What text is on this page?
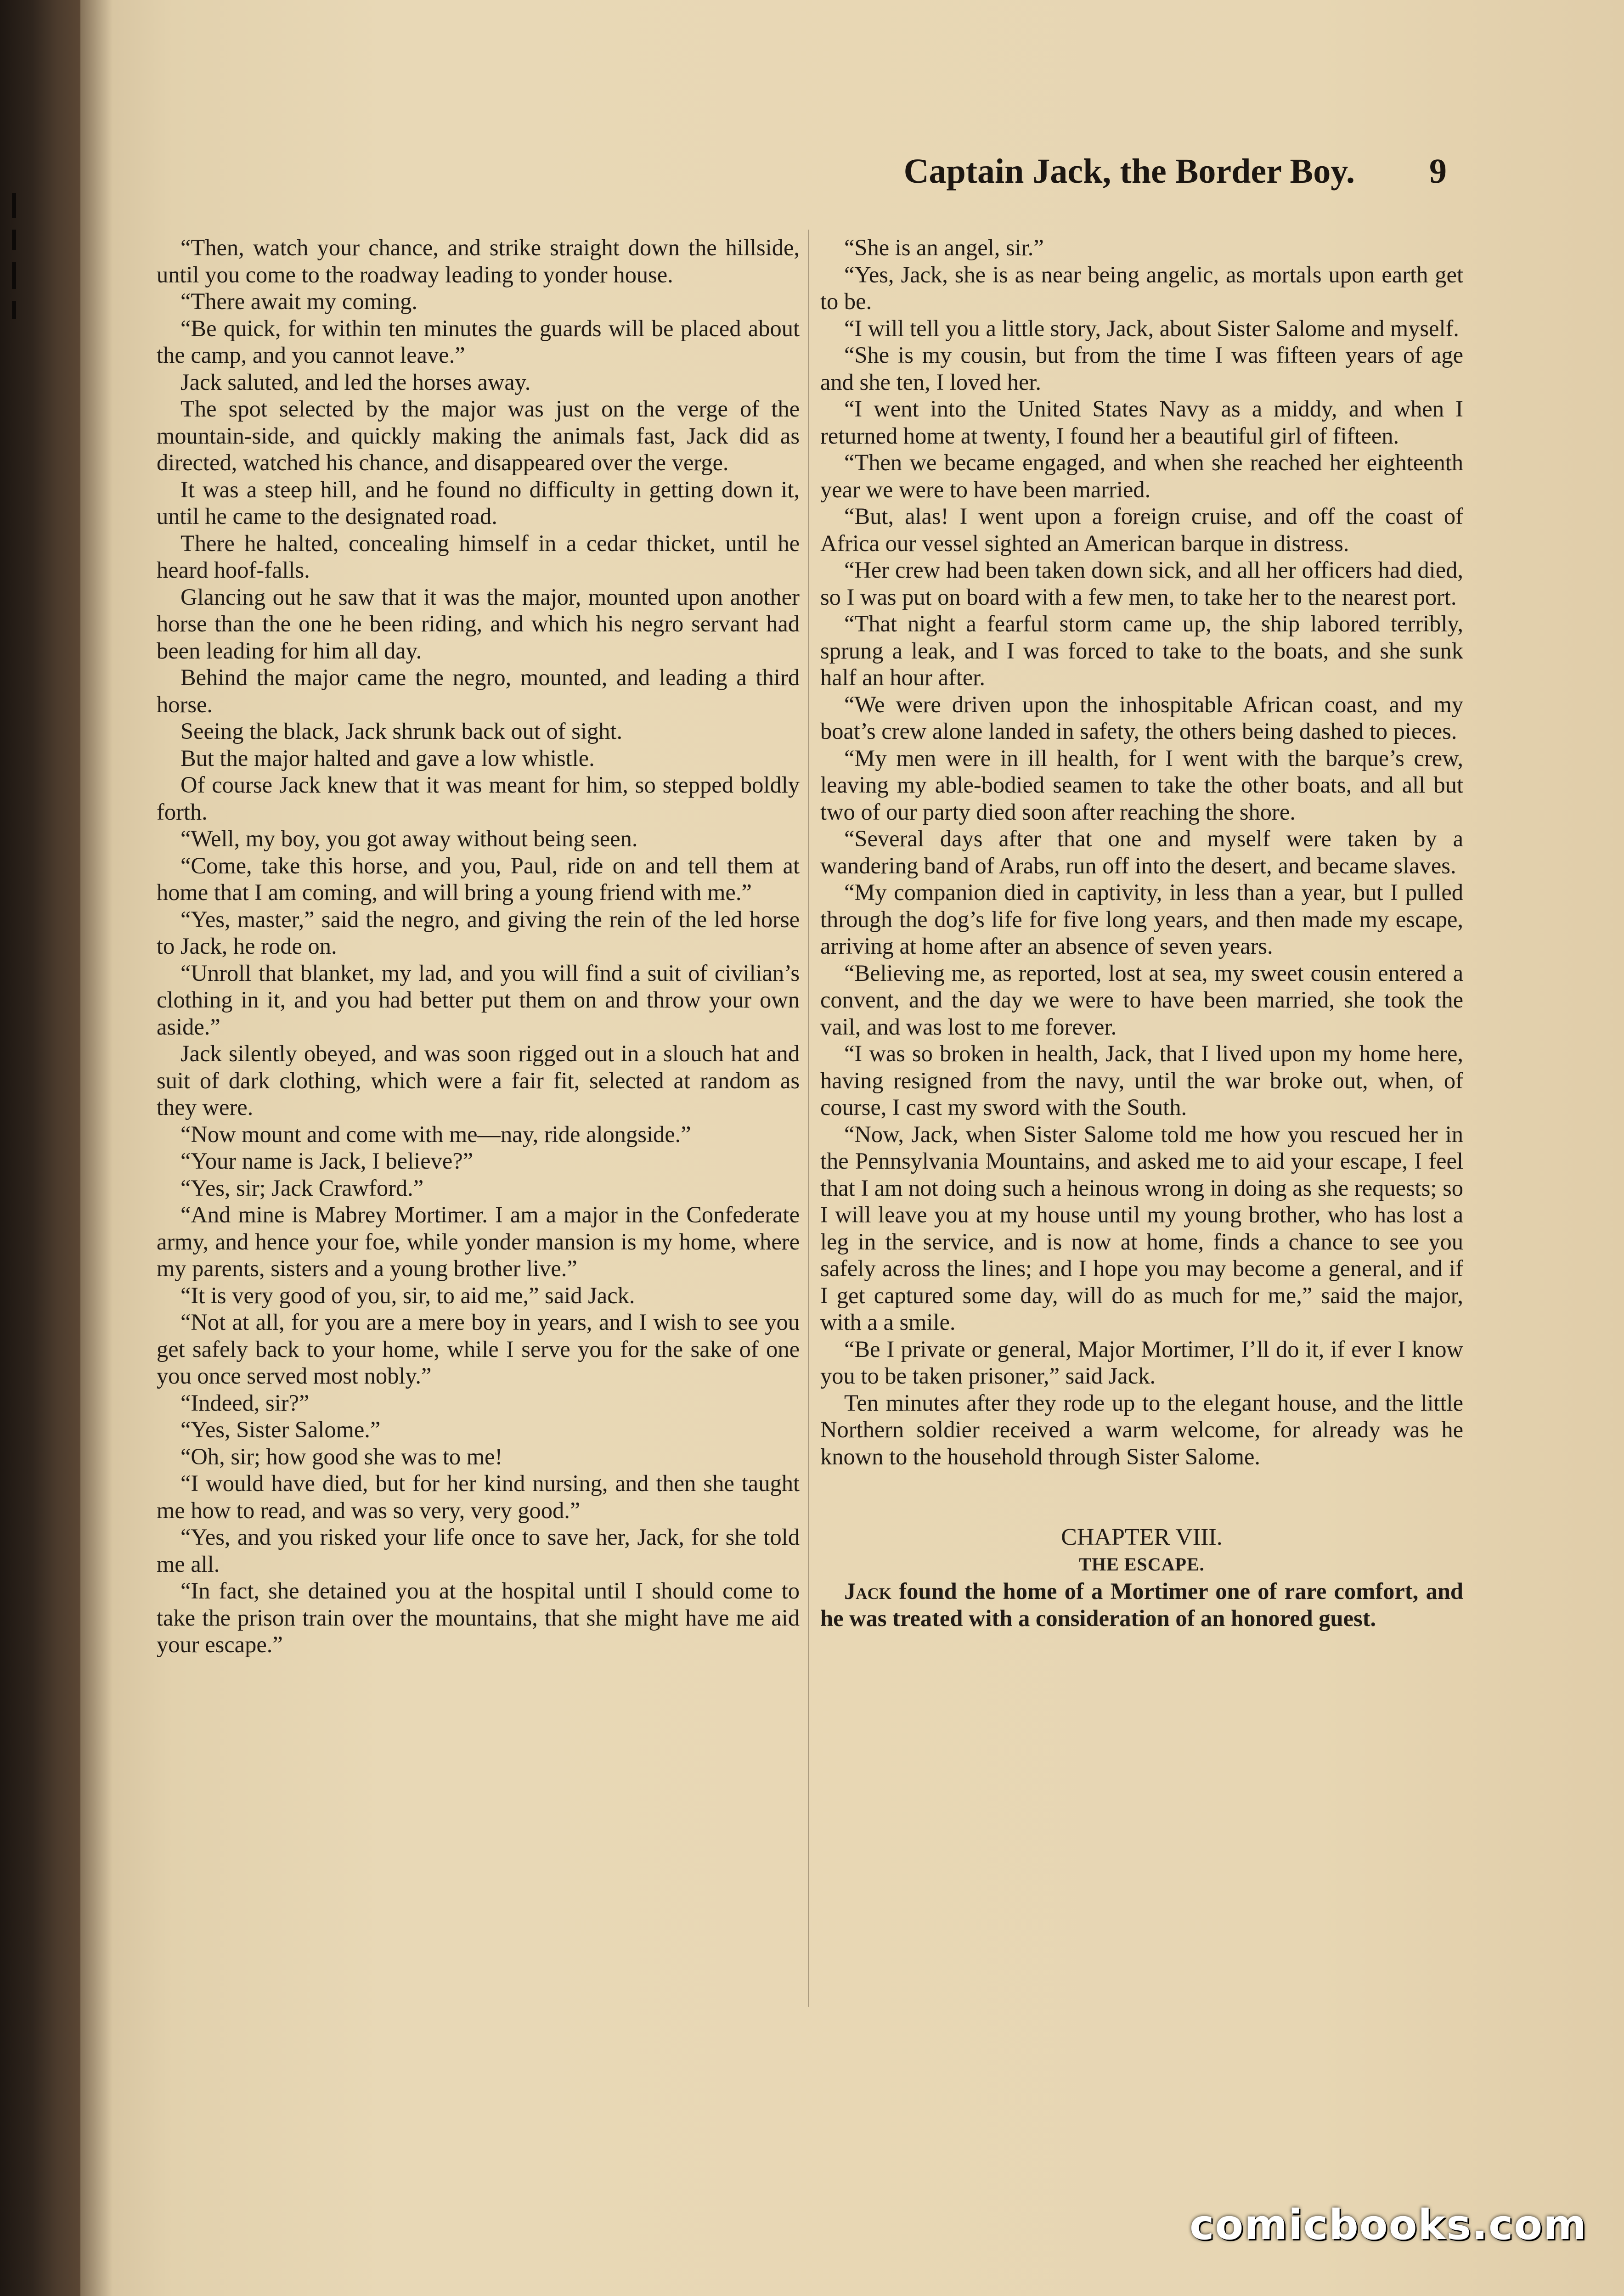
Captain Jack, the Border Boy. 9

“Then, watch your chance, and strike straight down the hillside, until you come to the roadway leading to yonder house.

“There await my coming.

“Be quick, for within ten minutes the guards will be placed about the camp, and you cannot leave.”

Jack saluted, and led the horses away.

The spot selected by the major was just on the verge of the mountain-side, and quickly making the animals fast, Jack did as directed, watched his chance, and disappeared over the verge.

It was a steep hill, and he found no difficulty in getting down it, until he came to the designated road.

There he halted, concealing himself in a cedar thicket, until he heard hoof-falls.

Glancing out he saw that it was the major, mounted upon another horse than the one he been riding, and which his negro servant had been leading for him all day.

Behind the major came the negro, mounted, and leading a third horse.

Seeing the black, Jack shrunk back out of sight.

But the major halted and gave a low whistle.

Of course Jack knew that it was meant for him, so stepped boldly forth.

“Well, my boy, you got away without being seen.

“Come, take this horse, and you, Paul, ride on and tell them at home that I am coming, and will bring a young friend with me.”

“Yes, master,” said the negro, and giving the rein of the led horse to Jack, he rode on.

“Unroll that blanket, my lad, and you will find a suit of civilian’s clothing in it, and you had better put them on and throw your own aside.”

Jack silently obeyed, and was soon rigged out in a slouch hat and suit of dark clothing, which were a fair fit, selected at random as they were.

“Now mount and come with me—nay, ride alongside.”

“Your name is Jack, I believe?”

“Yes, sir; Jack Crawford.”

“And mine is Mabrey Mortimer. I am a major in the Confederate army, and hence your foe, while yonder mansion is my home, where my parents, sisters and a young brother live.”

“It is very good of you, sir, to aid me,” said Jack.

“Not at all, for you are a mere boy in years, and I wish to see you get safely back to your home, while I serve you for the sake of one you once served most nobly.”

“Indeed, sir?”

“Yes, Sister Salome.”

“Oh, sir; how good she was to me!

“I would have died, but for her kind nursing, and then she taught me how to read, and was so very, very good.”

“Yes, and you risked your life once to save her, Jack, for she told me all.

“In fact, she detained you at the hospital until I should come to take the prison train over the mountains, that she might have me aid your escape.”

“She is an angel, sir.”

“Yes, Jack, she is as near being angelic, as mortals upon earth get to be.

“I will tell you a little story, Jack, about Sister Salome and myself.

“She is my cousin, but from the time I was fifteen years of age and she ten, I loved her.

“I went into the United States Navy as a middy, and when I returned home at twenty, I found her a beautiful girl of fifteen.

“Then we became engaged, and when she reached her eighteenth year we were to have been married.

“But, alas! I went upon a foreign cruise, and off the coast of Africa our vessel sighted an American barque in distress.

“Her crew had been taken down sick, and all her officers had died, so I was put on board with a few men, to take her to the nearest port.

“That night a fearful storm came up, the ship labored terribly, sprung a leak, and I was forced to take to the boats, and she sunk half an hour after.

“We were driven upon the inhospitable African coast, and my boat’s crew alone landed in safety, the others being dashed to pieces.

“My men were in ill health, for I went with the barque’s crew, leaving my able-bodied seamen to take the other boats, and all but two of our party died soon after reaching the shore.

“Several days after that one and myself were taken by a wandering band of Arabs, run off into the desert, and became slaves.

“My companion died in captivity, in less than a year, but I pulled through the dog’s life for five long years, and then made my escape, arriving at home after an absence of seven years.

“Believing me, as reported, lost at sea, my sweet cousin entered a convent, and the day we were to have been married, she took the vail, and was lost to me forever.

“I was so broken in health, Jack, that I lived upon my home here, having resigned from the navy, until the war broke out, when, of course, I cast my sword with the South.

“Now, Jack, when Sister Salome told me how you rescued her in the Pennsylvania Mountains, and asked me to aid your escape, I feel that I am not doing such a heinous wrong in doing as she requests; so I will leave you at my house until my young brother, who has lost a leg in the service, and is now at home, finds a chance to see you safely across the lines; and I hope you may become a general, and if I get captured some day, will do as much for me,” said the major, with a a smile.

“Be I private or general, Major Mortimer, I’ll do it, if ever I know you to be taken prisoner,” said Jack.

Ten minutes after they rode up to the elegant house, and the little Northern soldier received a warm welcome, for already was he known to the household through Sister Salome.

CHAPTER VIII.

THE ESCAPE.

Jack found the home of a Mortimer one of rare comfort, and he was treated with a consideration of an honored guest.

comicbooks.com
